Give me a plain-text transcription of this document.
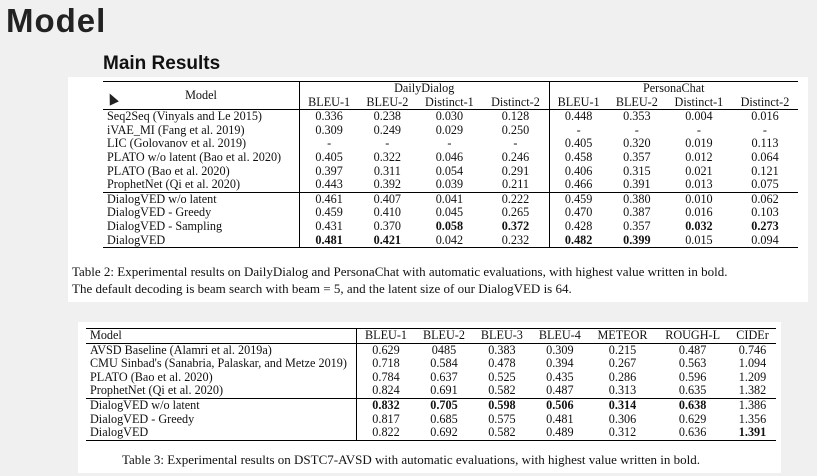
Model
Main Results
Model	DailyDialog				PersonaChat			
	BLEU-1	BLEU-2	Distinct-1	Distinct-2	BLEU-1	BLEU-2	Distinct-1	Distinct-2
Seq2Seq (Vinyals and Le 2015)	0.336	0.238	0.030	0.128	0.448	0.353	0.004	0.016
iVAE_MI (Fang et al. 2019)	0.309	0.249	0.029	0.250	-	-	-	-
LIC (Golovanov et al. 2019)	-	-	-	-	0.405	0.320	0.019	0.113
PLATO w/o latent (Bao et al. 2020)	0.405	0.322	0.046	0.246	0.458	0.357	0.012	0.064
PLATO (Bao et al. 2020)	0.397	0.311	0.054	0.291	0.406	0.315	0.021	0.121
ProphetNet (Qi et al. 2020)	0.443	0.392	0.039	0.211	0.466	0.391	0.013	0.075
DialogVED w/o latent	0.461	0.407	0.041	0.222	0.459	0.380	0.010	0.062
DialogVED - Greedy	0.459	0.410	0.045	0.265	0.470	0.387	0.016	0.103
DialogVED - Sampling	0.431	0.370	0.058	0.372	0.428	0.357	0.032	0.273
DialogVED	0.481	0.421	0.042	0.232	0.482	0.399	0.015	0.094
Table 2: Experimental results on DailyDialog and PersonaChat with automatic evaluations, with highest value written in bold.
The default decoding is beam search with beam = 5, and the latent size of our DialogVED is 64.
Model	BLEU-1	BLEU-2	BLEU-3	BLEU-4	METEOR	ROUGH-L	CIDEr
AVSD Baseline (Alamri et al. 2019a)	0.629	0485	0.383	0.309	0.215	0.487	0.746
CMU Sinbad's (Sanabria, Palaskar, and Metze 2019)	0.718	0.584	0.478	0.394	0.267	0.563	1.094
PLATO (Bao et al. 2020)	0.784	0.637	0.525	0.435	0.286	0.596	1.209
ProphetNet (Qi et al. 2020)	0.824	0.691	0.582	0.487	0.313	0.635	1.382
DialogVED w/o latent	0.832	0.705	0.598	0.506	0.314	0.638	1.386
DialogVED - Greedy	0.817	0.685	0.575	0.481	0.306	0.629	1.356
DialogVED	0.822	0.692	0.582	0.489	0.312	0.636	1.391
Table 3: Experimental results on DSTC7-AVSD with automatic evaluations, with highest value written in bold.
